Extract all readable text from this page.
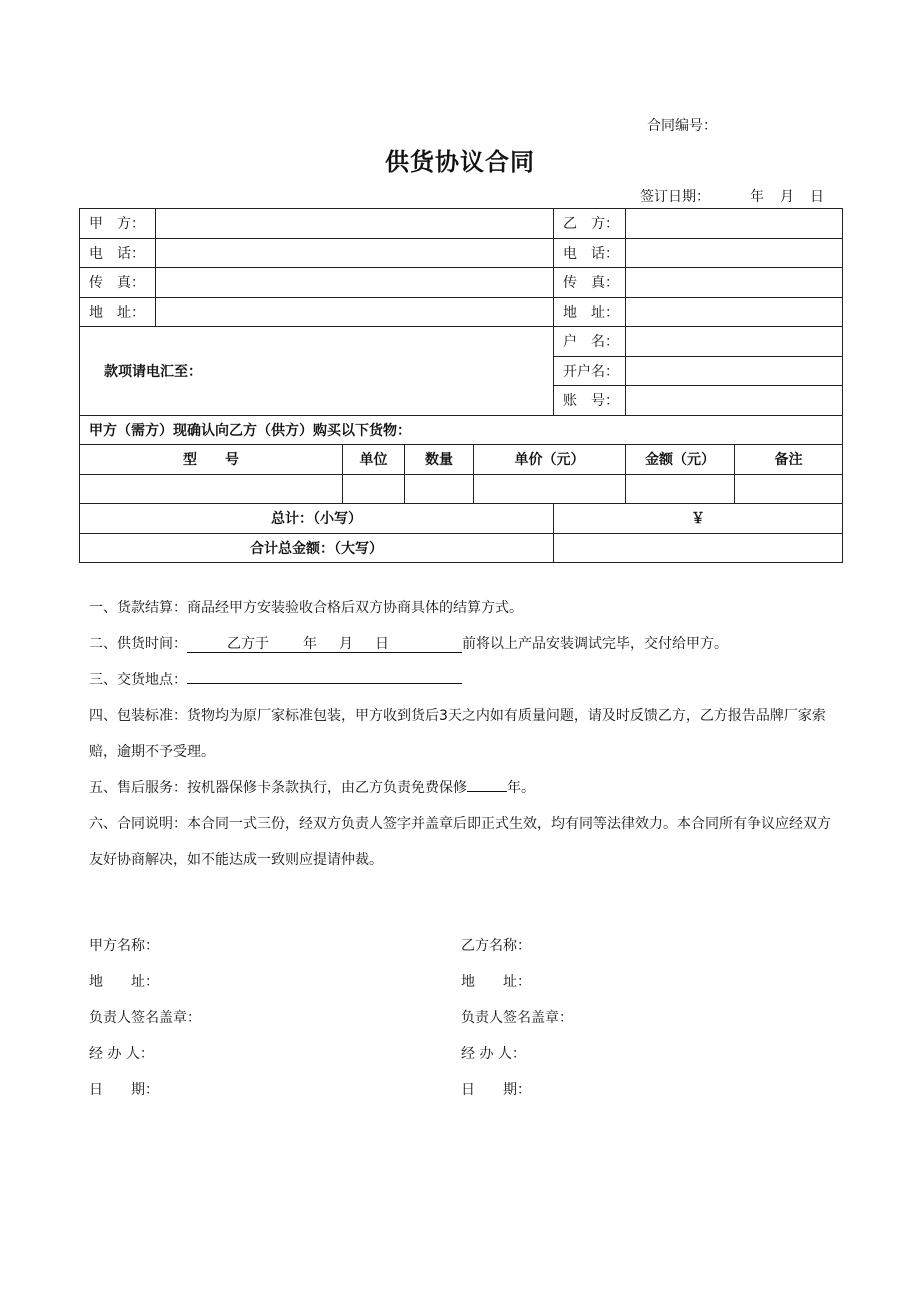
合同编号：
供货协议合同
签订日期：	年 月 日
甲　方：					乙　方：		
电　话：					电　话：		
传　真：					传　真：		
地　址：					地　址：		
款项请电汇至：					户　名：		
					开户名：		
					账　号：		
甲方（需方）现确认向乙方（供方）购买以下货物：							
型　　号		单位	数量	单价（元）		金额（元）	备注

总计：（小写）					￥		
合计总金额：（大写）							
一、货款结算：商品经甲方安装验收合格后双方协商具体的结算方式。
二、供货时间：	乙方于 年 月 日	前将以上产品安装调试完毕，交付给甲方。
三、交货地点：
四、包装标准：货物均为原厂家标准包装，甲方收到货后3天之内如有质量问题，请及时反馈乙方，乙方报告品牌厂家索赔，逾期不予受理。
五、售后服务：按机器保修卡条款执行，由乙方负责免费保修	年。
六、合同说明：本合同一式三份，经双方负责人签字并盖章后即正式生效，均有同等法律效力。本合同所有争议应经双方友好协商解决，如不能达成一致则应提请仲裁。
甲方名称：	乙方名称：
地　　址：	地　　址：
负责人签名盖章：	负责人签名盖章：
经 办 人：	经 办 人：
日　　期：	日　　期：
